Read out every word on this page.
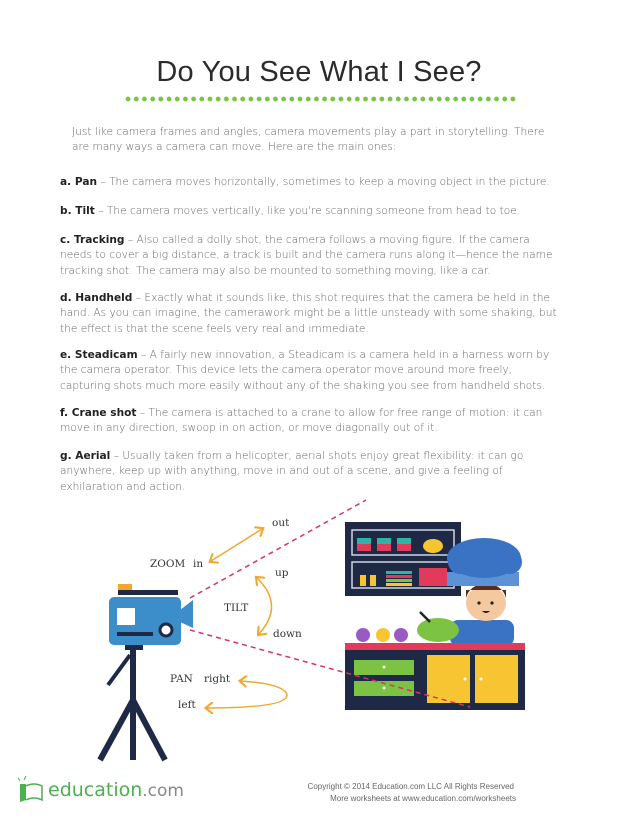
Do You See What I See?
Just like camera frames and angles, camera movements play a part in storytelling. There are many ways a camera can move. Here are the main ones:
a. Pan – The camera moves horizontally, sometimes to keep a moving object in the picture.
b. Tilt – The camera moves vertically, like you're scanning someone from head to toe.
c. Tracking – Also called a dolly shot, the camera follows a moving figure. If the camera needs to cover a big distance, a track is built and the camera runs along it—hence the name tracking shot. The camera may also be mounted to something moving, like a car.
d. Handheld – Exactly what it sounds like, this shot requires that the camera be held in the hand. As you can imagine, the camerawork might be a little unsteady with some shaking, but the effect is that the scene feels very real and immediate.
e. Steadicam – A fairly new innovation, a Steadicam is a camera held in a harness worn by the camera operator. This device lets the camera operator move around more freely, capturing shots much more easily without any of the shaking you see from handheld shots.
f. Crane shot – The camera is attached to a crane to allow for free range of motion: it can move in any direction, swoop in on action, or move diagonally out of it.
g. Aerial – Usually taken from a helicopter, aerial shots enjoy great flexibility: it can go anywhere, keep up with anything, move in and out of a scene, and give a feeling of exhilaration and action.
out
ZOOM in
up
TILT
down
PAN right
left
education.com	Copyright © 2014 Education.com LLC All Rights Reserved
More worksheets at www.education.com/worksheets
